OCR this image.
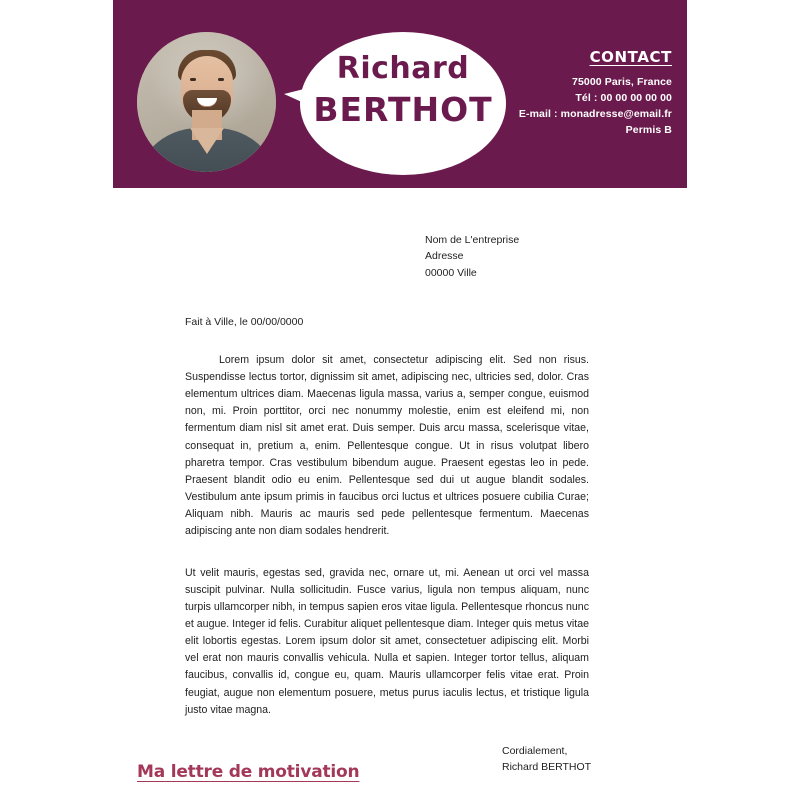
Richard
BERTHOT
CONTACT
75000 Paris, France
Tél : 00 00 00 00 00
E-mail : monadresse@email.fr
Permis B
Nom de L'entreprise
Adresse
00000 Ville
Fait à Ville, le 00/00/0000

Lorem ipsum dolor sit amet, consectetur adipiscing elit. Sed non risus. Suspendisse lectus tortor, dignissim sit amet, adipiscing nec, ultricies sed, dolor. Cras elementum ultrices diam. Maecenas ligula massa, varius a, semper congue, euismod non, mi. Proin porttitor, orci nec nonummy molestie, enim est eleifend mi, non fermentum diam nisl sit amet erat. Duis semper. Duis arcu massa, scelerisque vitae, consequat in, pretium a, enim. Pellentesque congue. Ut in risus volutpat libero pharetra tempor. Cras vestibulum bibendum augue. Praesent egestas leo in pede. Praesent blandit odio eu enim. Pellentesque sed dui ut augue blandit sodales. Vestibulum ante ipsum primis in faucibus orci luctus et ultrices posuere cubilia Curae; Aliquam nibh. Mauris ac mauris sed pede pellentesque fermentum. Maecenas adipiscing ante non diam sodales hendrerit.

Ut velit mauris, egestas sed, gravida nec, ornare ut, mi. Aenean ut orci vel massa suscipit pulvinar. Nulla sollicitudin. Fusce varius, ligula non tempus aliquam, nunc turpis ullamcorper nibh, in tempus sapien eros vitae ligula. Pellentesque rhoncus nunc et augue. Integer id felis. Curabitur aliquet pellentesque diam. Integer quis metus vitae elit lobortis egestas. Lorem ipsum dolor sit amet, consectetuer adipiscing elit. Morbi vel erat non mauris convallis vehicula. Nulla et sapien. Integer tortor tellus, aliquam faucibus, convallis id, congue eu, quam. Mauris ullamcorper felis vitae erat. Proin feugiat, augue non elementum posuere, metus purus iaculis lectus, et tristique ligula justo vitae magna.

Cordialement,
Richard BERTHOT
Ma lettre de motivation
